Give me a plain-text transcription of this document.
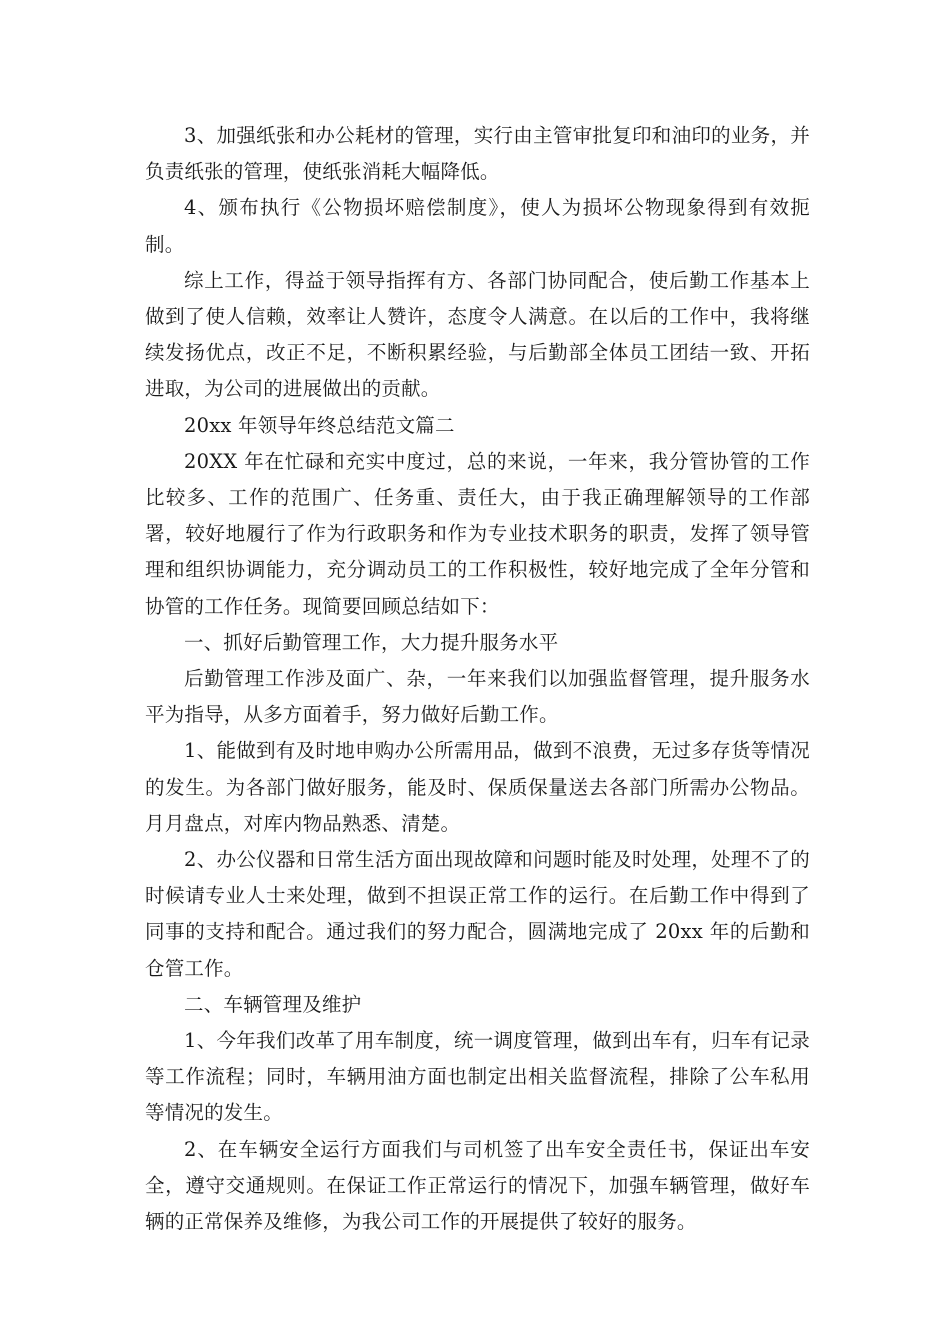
3、加强纸张和办公耗材的管理，实行由主管审批复印和油印的业务，并负责纸张的管理，使纸张消耗大幅降低。

4、颁布执行《公物损坏赔偿制度》，使人为损坏公物现象得到有效扼制。

综上工作，得益于领导指挥有方、各部门协同配合，使后勤工作基本上做到了使人信赖，效率让人赞许，态度令人满意。在以后的工作中，我将继续发扬优点，改正不足，不断积累经验，与后勤部全体员工团结一致、开拓进取，为公司的进展做出的贡献。

20xx 年领导年终总结范文篇二

20XX 年在忙碌和充实中度过，总的来说，一年来，我分管协管的工作比较多、工作的范围广、任务重、责任大，由于我正确理解领导的工作部署，较好地履行了作为行政职务和作为专业技术职务的职责，发挥了领导管理和组织协调能力，充分调动员工的工作积极性，较好地完成了全年分管和协管的工作任务。现简要回顾总结如下：

一、抓好后勤管理工作，大力提升服务水平

后勤管理工作涉及面广、杂，一年来我们以加强监督管理，提升服务水平为指导，从多方面着手，努力做好后勤工作。

1、能做到有及时地申购办公所需用品，做到不浪费，无过多存货等情况的发生。为各部门做好服务，能及时、保质保量送去各部门所需办公物品。月月盘点，对库内物品熟悉、清楚。

2、办公仪器和日常生活方面出现故障和问题时能及时处理，处理不了的时候请专业人士来处理，做到不担误正常工作的运行。在后勤工作中得到了同事的支持和配合。通过我们的努力配合，圆满地完成了 20xx 年的后勤和仓管工作。

二、车辆管理及维护

1、今年我们改革了用车制度，统一调度管理，做到出车有，归车有记录等工作流程；同时，车辆用油方面也制定出相关监督流程，排除了公车私用等情况的发生。

2、在车辆安全运行方面我们与司机签了出车安全责任书，保证出车安全，遵守交通规则。在保证工作正常运行的情况下，加强车辆管理，做好车辆的正常保养及维修，为我公司工作的开展提供了较好的服务。
